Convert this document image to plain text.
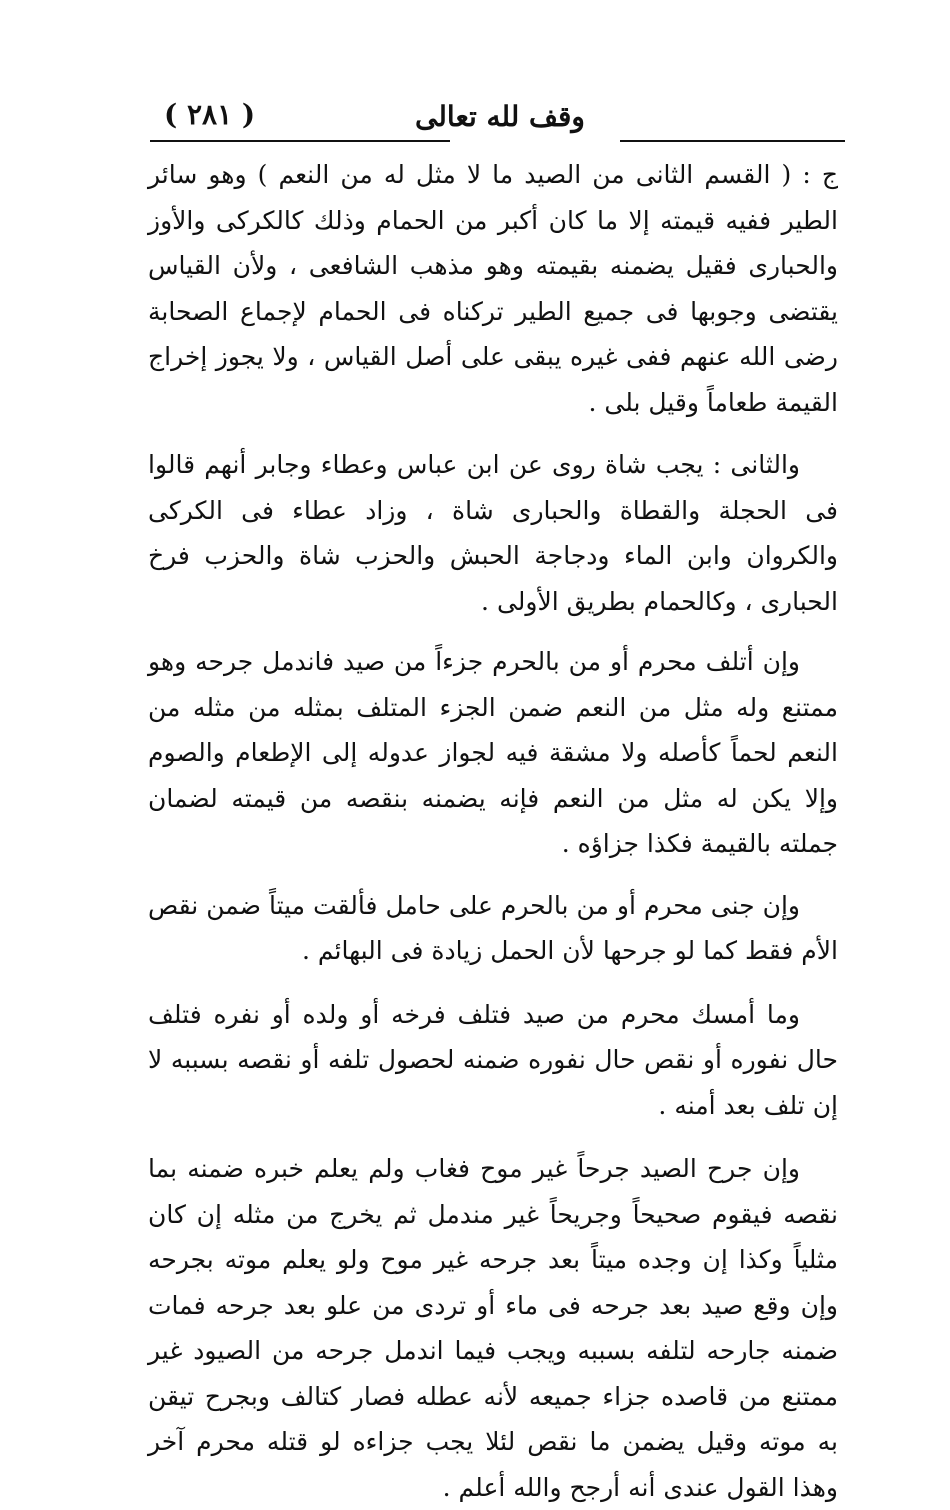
( ٢٨١ )	وقف لله تعالى

ج : ( القسم الثانى من الصيد ما لا مثل له من النعم ) وهو سائر الطير ففيه قيمته إلا ما كان أكبر من الحمام وذلك كالكركى والأوز والحبارى فقيل يضمنه بقيمته وهو مذهب الشافعى ، ولأن القياس يقتضى وجوبها فى جميع الطير تركناه فى الحمام لإجماع الصحابة رضى الله عنهم ففى غيره يبقى على أصل القياس ، ولا يجوز إخراج القيمة طعاماً وقيل بلى .

والثانى : يجب شاة روى عن ابن عباس وعطاء وجابر أنهم قالوا فى الحجلة والقطاة والحبارى شاة ، وزاد عطاء فى الكركى والكروان وابن الماء ودجاجة الحبش والحزب شاة والحزب فرخ الحبارى ، وكالحمام بطريق الأولى .

وإن أتلف محرم أو من بالحرم جزءاً من صيد فاندمل جرحه وهو ممتنع وله مثل من النعم ضمن الجزء المتلف بمثله من مثله من النعم لحماً كأصله ولا مشقة فيه لجواز عدوله إلى الإطعام والصوم وإلا يكن له مثل من النعم فإنه يضمنه بنقصه من قيمته لضمان جملته بالقيمة فكذا جزاؤه .

وإن جنى محرم أو من بالحرم على حامل فألقت ميتاً ضمن نقص الأم فقط كما لو جرحها لأن الحمل زيادة فى البهائم .

وما أمسك محرم من صيد فتلف فرخه أو ولده أو نفره فتلف حال نفوره أو نقص حال نفوره ضمنه لحصول تلفه أو نقصه بسببه لا إن تلف بعد أمنه .

وإن جرح الصيد جرحاً غير موح فغاب ولم يعلم خبره ضمنه بما نقصه فيقوم صحيحاً وجريحاً غير مندمل ثم يخرج من مثله إن كان مثلياً وكذا إن وجده ميتاً بعد جرحه غير موح ولو يعلم موته بجرحه وإن وقع صيد بعد جرحه فى ماء أو تردى من علو بعد جرحه فمات ضمنه جارحه لتلفه بسببه ويجب فيما اندمل جرحه من الصيود غير ممتنع من قاصده جزاء جميعه لأنه عطله فصار كتالف وبجرح تيقن به موته وقيل يضمن ما نقص لئلا يجب جزاءه لو قتله محرم آخر وهذا القول عندى أنه أرجح والله أعلم .
